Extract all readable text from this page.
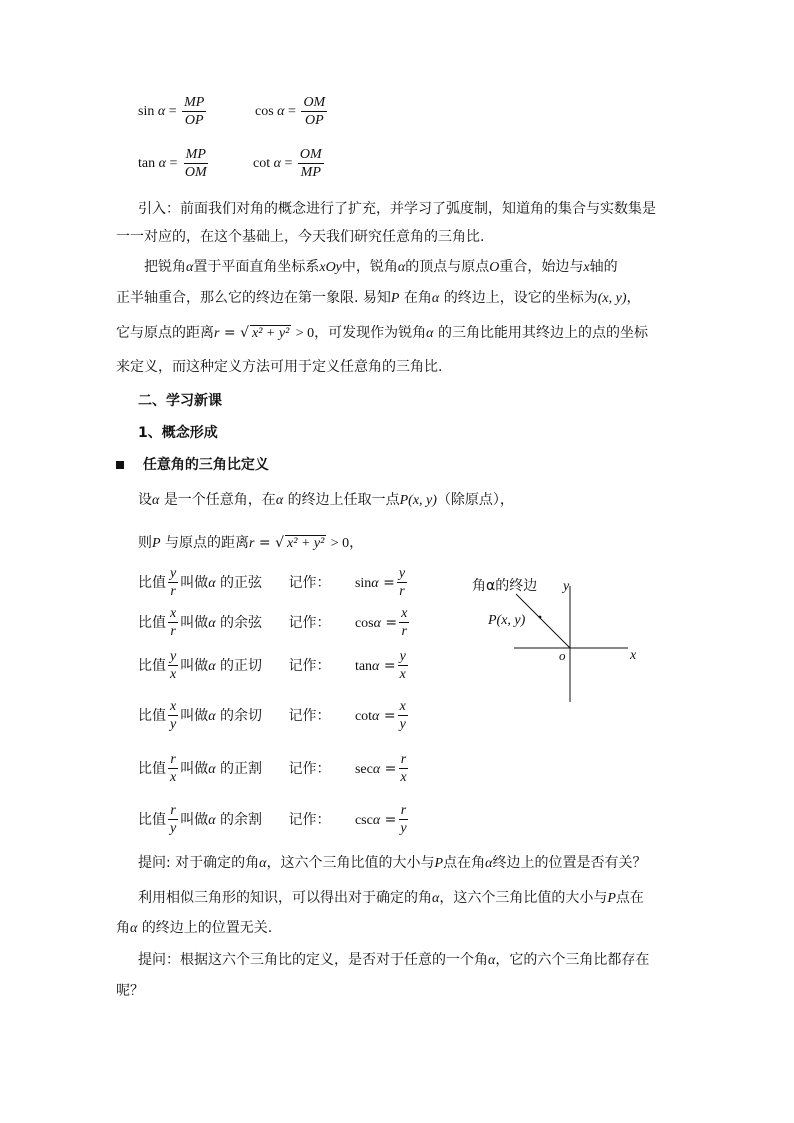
$\sin \alpha = \frac{MP}{OP}$	$\cos \alpha = \frac{OM}{OP}$
$\tan \alpha = \frac{MP}{OM}$	$\cot \alpha = \frac{OM}{MP}$
引入：前面我们对角的概念进行了扩充，并学习了弧度制，知道角的集合与实数集是
一一对应的，在这个基础上，今天我们研究任意角的三角比.
把锐角α置于平面直角坐标系xOy中，锐角α的顶点与原点O重合，始边与x轴的
正半轴重合，那么它的终边在第一象限. 易知P 在角α 的终边上，设它的坐标为(x, y)，
它与原点的距离r = √ x² + y² > 0，可发现作为锐角α 的三角比能用其终边上的点的坐标
来定义，而这种定义方法可用于定义任意角的三角比.
二、学习新课
1、概念形成
任意角的三角比定义
设α 是一个任意角，在α 的终边上任取一点P(x, y)（除原点），
则P 与原点的距离r = √ x² + y² > 0，
比值 $\frac{y}{r}$ 叫做α 的正弦 记作： $\sin\alpha = \frac{y}{r}$
比值 $\frac{x}{r}$ 叫做α 的余弦 记作： $\cos\alpha = \frac{x}{r}$
比值 $\frac{y}{x}$ 叫做α 的正切 记作： $\tan\alpha = \frac{y}{x}$
比值 $\frac{x}{y}$ 叫做α 的余切 记作： $\cot\alpha = \frac{x}{y}$
比值 $\frac{r}{x}$ 叫做α 的正割 记作： $\sec\alpha = \frac{r}{x}$
比值 $\frac{r}{y}$ 叫做α 的余割 记作： $\csc\alpha = \frac{r}{y}$
角α的终边 y
x
o
P(x, y)
提问: 对于确定的角α，这六个三角比值的大小与P点在角α终边上的位置是否有关？
利用相似三角形的知识，可以得出对于确定的角α，这六个三角比值的大小与P点在
角α 的终边上的位置无关.
提问：根据这六个三角比的定义，是否对于任意的一个角α，它的六个三角比都存在
呢？
